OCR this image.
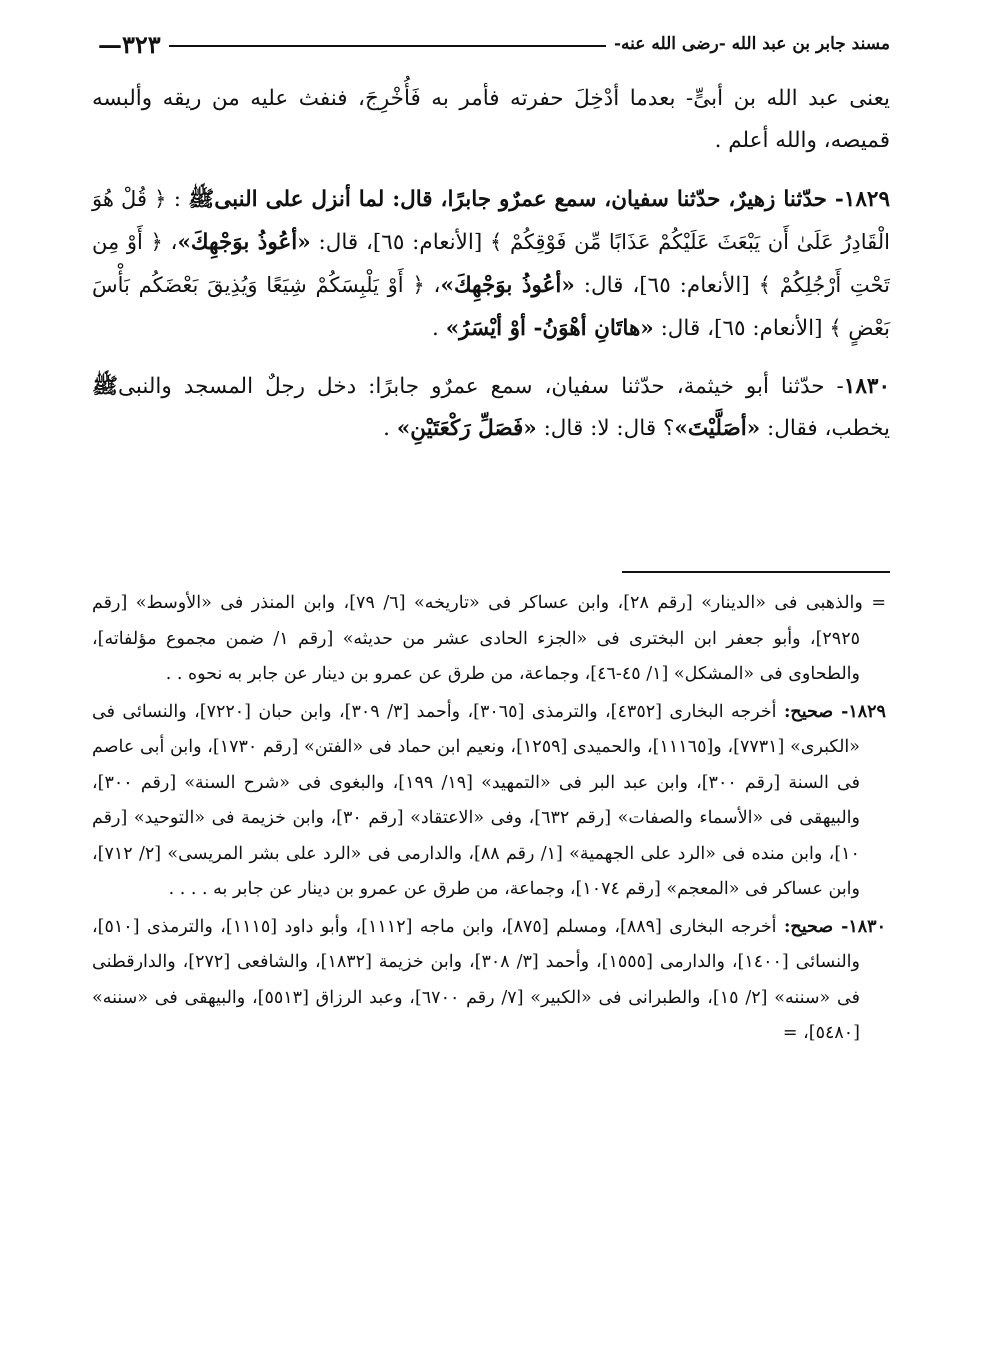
مسند جابر بن عبد الله -رضى الله عنه-
٣٢٣—

يعنى عبد الله بن أبىٍّ- بعدما أدْخِلَ حفرته فأمر به فَأُخْرِجَ، فنفث عليه من ريقه وألبسه قميصه، والله أعلم .

١٨٢٩- حدّثنا زهيرٌ، حدّثنا سفيان، سمع عمرٌو جابرًا، قال: لما أنزل على النبىﷺ : ﴿ قُلْ هُوَ الْقَادِرُ عَلَىٰ أَن يَبْعَثَ عَلَيْكُمْ عَذَابًا مِّن فَوْقِكُمْ ﴾ [الأنعام: ٦٥]، قال: «أعُوذُ بوَجْهِكَ»، ﴿ أَوْ مِن تَحْتِ أَرْجُلِكُمْ ﴾ [الأنعام: ٦٥]، قال: «أعُوذُ بوَجْهِكَ»، ﴿ أَوْ يَلْبِسَكُمْ شِيَعًا وَيُذِيقَ بَعْضَكُم بَأْسَ بَعْضٍ ﴾ [الأنعام: ٦٥]، قال: «هاتَانِ أهْوَنُ- أوْ أيْسَرُ» .

١٨٣٠- حدّثنا أبو خيثمة، حدّثنا سفيان، سمع عمرٌو جابرًا: دخل رجلٌ المسجد والنبىﷺ يخطب، فقال: «أصَلَّيْتَ»؟ قال: لا: قال: «فَصَلِّ رَكْعَتَيْنِ» .

= والذهبى فى «الدينار» [رقم ٢٨]، وابن عساكر فى «تاريخه» [٦/ ٧٩]، وابن المنذر فى «الأوسط» [رقم ٢٩٢٥]، وأبو جعفر ابن البخترى فى «الجزء الحادى عشر من حديثه» [رقم ١/ ضمن مجموع مؤلفاته]، والطحاوى فى «المشكل» [١/ ٤٥-٤٦]، وجماعة، من طرق عن عمرو بن دينار عن جابر به نحوه . .

١٨٢٩- صحيح: أخرجه البخارى [٤٣٥٢]، والترمذى [٣٠٦٥]، وأحمد [٣/ ٣٠٩]، وابن حبان [٧٢٢٠]، والنسائى فى «الكبرى» [٧٧٣١]، و[١١١٦٥]، والحميدى [١٢٥٩]، ونعيم ابن حماد فى «الفتن» [رقم ١٧٣٠]، وابن أبى عاصم فى السنة [رقم ٣٠٠]، وابن عبد البر فى «التمهيد» [١٩/ ١٩٩]، والبغوى فى «شرح السنة» [رقم ٣٠٠]، والبيهقى فى «الأسماء والصفات» [رقم ٦٣٢]، وفى «الاعتقاد» [رقم ٣٠]، وابن خزيمة فى «التوحيد» [رقم ١٠]، وابن منده فى «الرد على الجهمية» [١/ رقم ٨٨]، والدارمى فى «الرد على بشر المريسى» [٢/ ٧١٢]، وابن عساكر فى «المعجم» [رقم ١٠٧٤]، وجماعة، من طرق عن عمرو بن دينار عن جابر به . . . .

١٨٣٠- صحيح: أخرجه البخارى [٨٨٩]، ومسلم [٨٧٥]، وابن ماجه [١١١٢]، وأبو داود [١١١٥]، والترمذى [٥١٠]، والنسائى [١٤٠٠]، والدارمى [١٥٥٥]، وأحمد [٣/ ٣٠٨]، وابن خزيمة [١٨٣٢]، والشافعى [٢٧٢]، والدارقطنى فى «سننه» [٢/ ١٥]، والطبرانى فى «الكبير» [٧/ رقم ٦٧٠٠]، وعبد الرزاق [٥٥١٣]، والبيهقى فى «سننه» [٥٤٨٠]، =
